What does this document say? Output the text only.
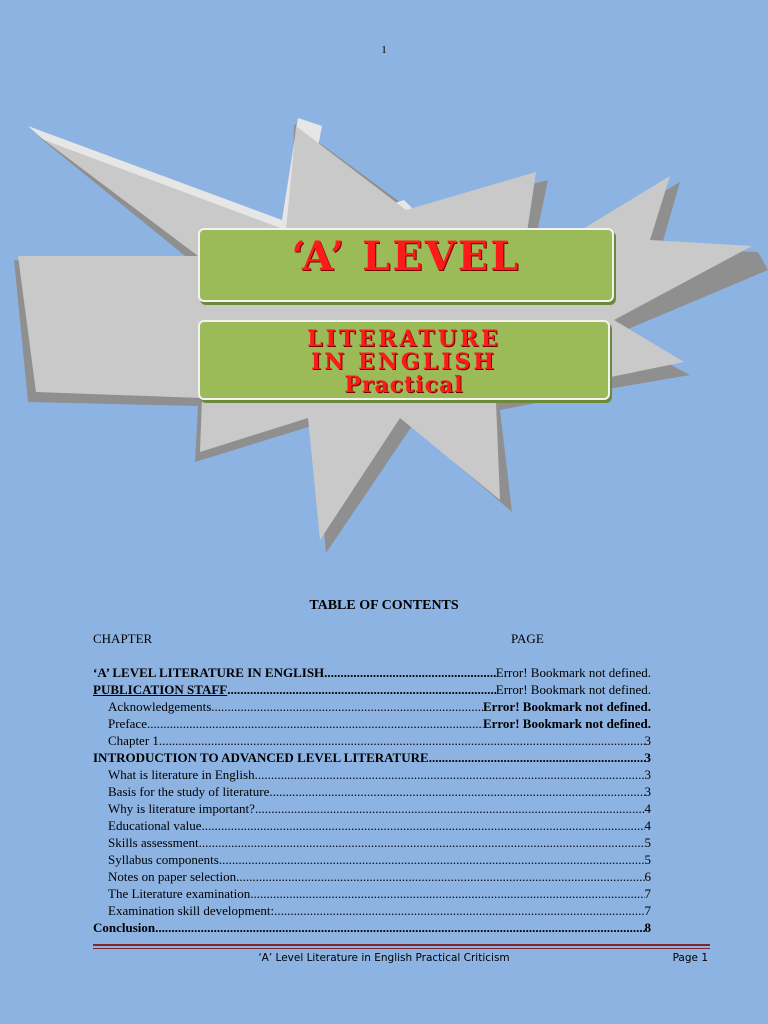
1
‘A’ LEVEL
LITERATURE
IN ENGLISH
Practical
TABLE OF CONTENTS
CHAPTER	PAGE
‘A’ LEVEL LITERATURE IN ENGLISH .....	Error! Bookmark not defined.
PUBLICATION STAFF .....	Error! Bookmark not defined.
Acknowledgements .....	Error! Bookmark not defined.
Preface .....	Error! Bookmark not defined.
Chapter 1 .....	3
INTRODUCTION TO ADVANCED LEVEL LITERATURE .....	3
What is literature in English .....	3
Basis for the study of literature .....	3
Why is literature important? .....	4
Educational value .....	4
Skills assessment .....	5
Syllabus components .....	5
Notes on paper selection .....	6
The Literature examination .....	7
Examination skill development: .....	7
Conclusion .....	8
‘A’ Level Literature in English Practical Criticism	Page 1
